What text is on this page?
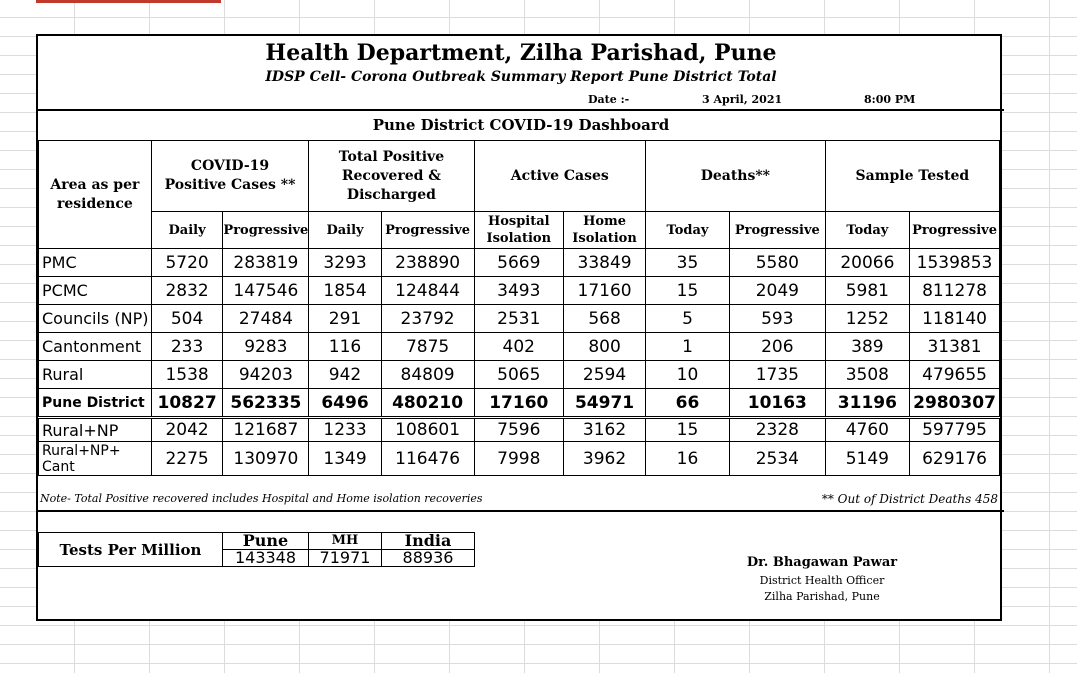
Health Department, Zilha Parishad, Pune
IDSP Cell- Corona Outbreak Summary Report Pune District Total
Date :-	3 April, 2021	8:00 PM
Pune District COVID-19 Dashboard
Area as per residence	COVID-19 Positive Cases **		Total Positive Recovered & Discharged		Active Cases		Deaths**		Sample Tested	
	Daily	Progressive	Daily	Progressive	Hospital Isolation	Home Isolation	Today	Progressive	Today	Progressive
PMC	5720	283819	3293	238890	5669	33849	35	5580	20066	1539853
PCMC	2832	147546	1854	124844	3493	17160	15	2049	5981	811278
Councils (NP)	504	27484	291	23792	2531	568	5	593	1252	118140
Cantonment	233	9283	116	7875	402	800	1	206	389	31381
Rural	1538	94203	942	84809	5065	2594	10	1735	3508	479655
Pune District	10827	562335	6496	480210	17160	54971	66	10163	31196	2980307
Rural+NP	2042	121687	1233	108601	7596	3162	15	2328	4760	597795
Rural+NP+ Cant	2275	130970	1349	116476	7998	3962	16	2534	5149	629176
Note- Total Positive recovered includes Hospital and Home isolation recoveries	** Out of District Deaths 458
Tests Per Million	Pune	MH	India
	143348	71971	88936	Dr. Bhagawan Pawar
District Health Officer
Zilha Parishad, Pune
